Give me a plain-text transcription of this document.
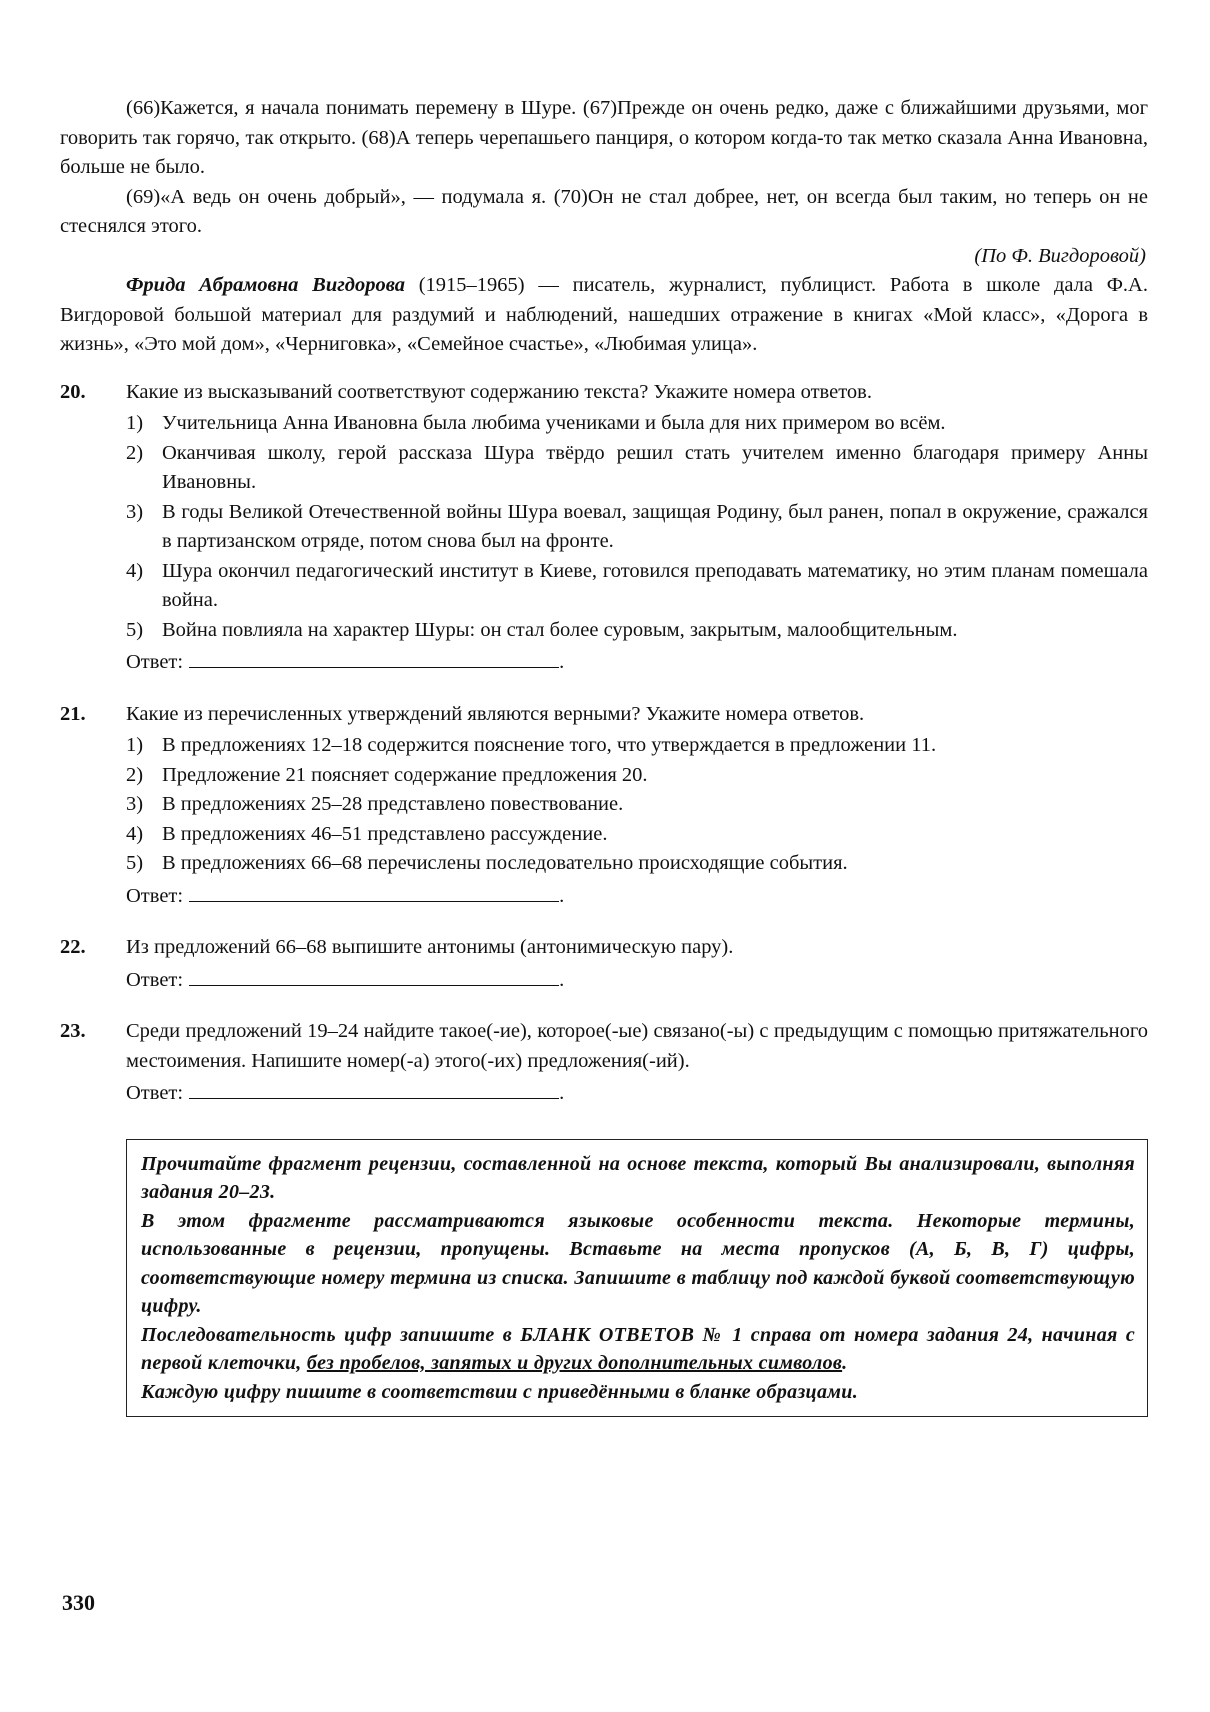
(66)Кажется, я начала понимать перемену в Шуре. (67)Прежде он очень редко, даже с ближайшими друзьями, мог говорить так горячо, так открыто. (68)А теперь черепашьего панциря, о котором когда-то так метко сказала Анна Ивановна, больше не было.

(69)«А ведь он очень добрый», — подумала я. (70)Он не стал добрее, нет, он всегда был таким, но теперь он не стеснялся этого.

(По Ф. Вигдоровой)

Фрида Абрамовна Вигдорова (1915–1965) — писатель, журналист, публицист. Работа в школе дала Ф.А. Вигдоровой большой материал для раздумий и наблюдений, нашедших отражение в книгах «Мой класс», «Дорога в жизнь», «Это мой дом», «Черниговка», «Семейное счастье», «Любимая улица».

20. Какие из высказываний соответствуют содержанию текста? Укажите номера ответов.

1) Учительница Анна Ивановна была любима учениками и была для них примером во всём.
2) Оканчивая школу, герой рассказа Шура твёрдо решил стать учителем именно благодаря примеру Анны Ивановны.
3) В годы Великой Отечественной войны Шура воевал, защищая Родину, был ранен, попал в окружение, сражался в партизанском отряде, потом снова был на фронте.
4) Шура окончил педагогический институт в Киеве, готовился преподавать математику, но этим планам помешала война.
5) Война повлияла на характер Шуры: он стал более суровым, закрытым, малообщительным.
Ответ:	.
21. Какие из перечисленных утверждений являются верными? Укажите номера ответов.

1) В предложениях 12–18 содержится пояснение того, что утверждается в предложении 11.
2) Предложение 21 поясняет содержание предложения 20.
3) В предложениях 25–28 представлено повествование.
4) В предложениях 46–51 представлено рассуждение.
5) В предложениях 66–68 перечислены последовательно происходящие события.
Ответ:	.
22. Из предложений 66–68 выпишите антонимы (антонимическую пару).

Ответ:	.
23. Среди предложений 19–24 найдите такое(-ие), которое(-ые) связано(-ы) с предыдущим с помощью притяжательного местоимения. Напишите номер(-а) этого(-их) предложения(-ий).

Ответ:	.

Прочитайте фрагмент рецензии, составленной на основе текста, который Вы анализировали, выполняя задания 20–23.

В этом фрагменте рассматриваются языковые особенности текста. Некоторые термины, использованные в рецензии, пропущены. Вставьте на места пропусков (А, Б, В, Г) цифры, соответствующие номеру термина из списка. Запишите в таблицу под каждой буквой соответствующую цифру.

Последовательность цифр запишите в БЛАНК ОТВЕТОВ № 1 справа от номера задания 24, начиная с первой клеточки, без пробелов, запятых и других дополнительных символов.

Каждую цифру пишите в соответствии с приведёнными в бланке образцами.

330
